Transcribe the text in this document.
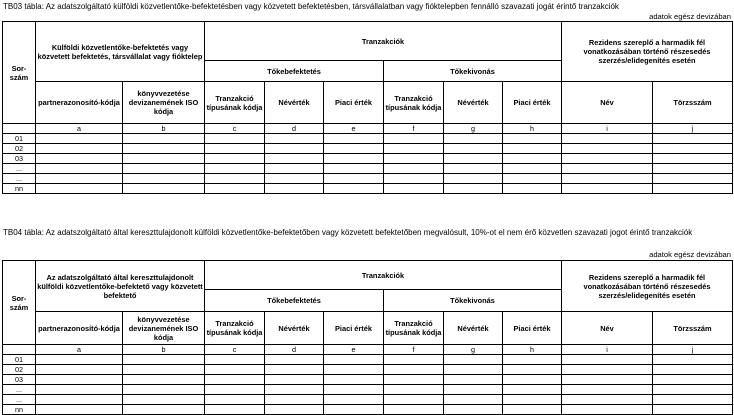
TB03 tábla: Az adatszolgáltató külföldi közvetlentőke-befektetésben vagy közvetett befektetésben, társvállalatban vagy fióktelepben fennálló szavazati jogát érintő tranzakciók
adatok egész devizában
Sor-szám	Külföldi közvetlentőke-befektetés vagy közvetett befektetés, társvállalat vagy fióktelep		Tranzakciók						Rezidens szereplő a harmadik fél vonatkozásában történő részesedés szerzés/elidegenítés esetén	
			Tőkebefektetés			Tőkekivonás				
	partnerazonosító-kódja	könyvvezetése devizanemének ISO kódja	Tranzakció típusának kódja	Névérték	Piaci érték	Tranzakció típusának kódja	Névérték	Piaci érték	Név	Törzsszám
	a	b	c	d	e	f	g	h	i	j
01										
02										
03										
...										
...										
nn										
TB04 tábla: Az adatszolgáltató által kereszttulajdonolt külföldi közvetlentőke-befektetőben vagy közvetett befektetőben megvalósult, 10%-ot el nem érő közvetlen szavazati jogot érintő tranzakciók
adatok egész devizában
Sor-szám	Az adatszolgáltató által kereszttulajdonolt külföldi közvetlentőke-befektető vagy közvetett befektető		Tranzakciók						Rezidens szereplő a harmadik fél vonatkozásában történő részesedés szerzés/elidegenítés esetén	
			Tőkebefektetés			Tőkekivonás				
	partnerazonosító-kódja	könyvvezetése devizanemének ISO kódja	Tranzakció típusának kódja	Névérték	Piaci érték	Tranzakció típusának kódja	Névérték	Piaci érték	Név	Törzsszám
	a	b	c	d	e	f	g	h	i	j
01										
02										
03										
...										
...										
nn										
